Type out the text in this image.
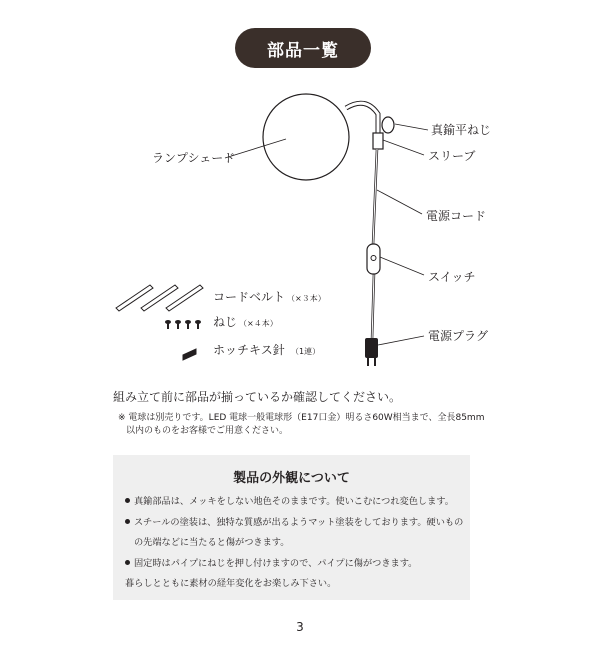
部品一覧
ランプシェード
真鍮平ねじ
スリーブ
電源コード
スイッチ
電源プラグ
コードベルト （×３本）
ねじ （×４本）
ホッチキス針 （1連）
組み立て前に部品が揃っているか確認してください。
※ 電球は別売りです。LED 電球一般電球形（E17口金）明るさ60W相当まで、全長85mm
以内のものをお客様でご用意ください。
製品の外観について
真鍮部品は、メッキをしない地色そのままです。使いこむにつれ変色します。
スチールの塗装は、独特な質感が出るようマット塗装をしております。硬いもの
の先端などに当たると傷がつきます。
固定時はパイプにねじを押し付けますので、パイプに傷がつきます。
暮らしとともに素材の経年変化をお楽しみ下さい。
3
